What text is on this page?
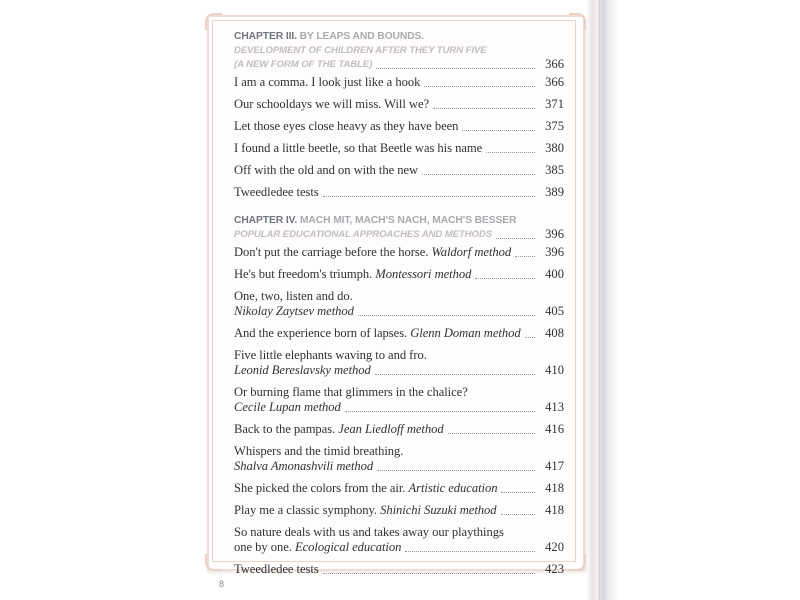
CHAPTER III. BY LEAPS AND BOUNDS.
DEVELOPMENT OF CHILDREN AFTER THEY TURN FIVE
(A NEW FORM OF THE TABLE)	366
I am a comma. I look just like a hook	366
Our schooldays we will miss. Will we?	371
Let those eyes close heavy as they have been	375
I found a little beetle, so that Beetle was his name	380
Off with the old and on with the new	385
Tweedledee tests	389
CHAPTER IV. MACH MIT, MACH'S NACH, MACH'S BESSER
POPULAR EDUCATIONAL APPROACHES AND METHODS	396
Don't put the carriage before the horse. Waldorf method	396
He's but freedom's triumph. Montessori method	400
One, two, listen and do.
Nikolay Zaytsev method	405
And the experience born of lapses. Glenn Doman method	408
Five little elephants waving to and fro.
Leonid Bereslavsky method	410
Or burning flame that glimmers in the chalice?
Cecile Lupan method	413
Back to the pampas. Jean Liedloff method	416
Whispers and the timid breathing.
Shalva Amonashvili method	417
She picked the colors from the air. Artistic education	418
Play me a classic symphony. Shinichi Suzuki method	418
So nature deals with us and takes away our playthings
one by one. Ecological education	420
Tweedledee tests	423
8
